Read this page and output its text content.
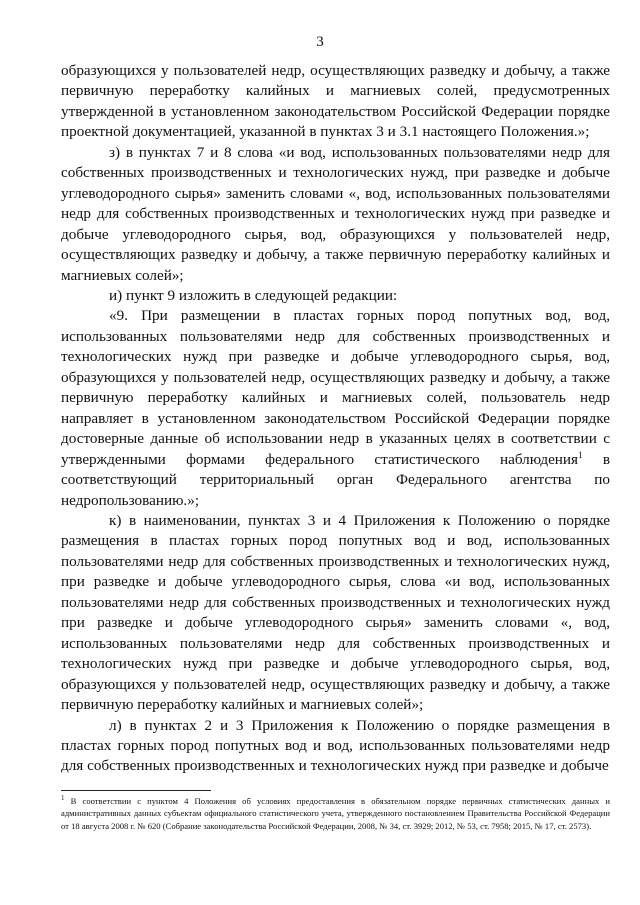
3

образующихся у пользователей недр, осуществляющих разведку и добычу, а также первичную переработку калийных и магниевых солей, предусмотренных утвержденной в установленном законодательством Российской Федерации порядке проектной документацией, указанной в пунктах 3 и 3.1 настоящего Положения.»;

з) в пунктах 7 и 8 слова «и вод, использованных пользователями недр для собственных производственных и технологических нужд, при разведке и добыче углеводородного сырья» заменить словами «, вод, использованных пользователями недр для собственных производственных и технологических нужд при разведке и добыче углеводородного сырья, вод, образующихся у пользователей недр, осуществляющих разведку и добычу, а также первичную переработку калийных и магниевых солей»;

и) пункт 9 изложить в следующей редакции:

«9. При размещении в пластах горных пород попутных вод, вод, использованных пользователями недр для собственных производственных и технологических нужд при разведке и добыче углеводородного сырья, вод, образующихся у пользователей недр, осуществляющих разведку и добычу, а также первичную переработку калийных и магниевых солей, пользователь недр направляет в установленном законодательством Российской Федерации порядке достоверные данные об использовании недр в указанных целях в соответствии с утвержденными формами федерального статистического наблюдения$^1$ в соответствующий территориальный орган Федерального агентства по недропользованию.»;

к) в наименовании, пунктах 3 и 4 Приложения к Положению о порядке размещения в пластах горных пород попутных вод и вод, использованных пользователями недр для собственных производственных и технологических нужд, при разведке и добыче углеводородного сырья, слова «и вод, использованных пользователями недр для собственных производственных и технологических нужд при разведке и добыче углеводородного сырья» заменить словами «, вод, использованных пользователями недр для собственных производственных и технологических нужд при разведке и добыче углеводородного сырья, вод, образующихся у пользователей недр, осуществляющих разведку и добычу, а также первичную переработку калийных и магниевых солей»;

л) в пунктах 2 и 3 Приложения к Положению о порядке размещения в пластах горных пород попутных вод и вод, использованных пользователями недр для собственных производственных и технологических нужд при разведке и добыче

$^1$ В соответствии с пунктом 4 Положения об условиях предоставления в обязательном порядке первичных статистических данных и административных данных субъектам официального статистического учета, утвержденного постановлением Правительства Российской Федерации от 18 августа 2008 г. № 620 (Собрание законодательства Российской Федерации, 2008, № 34, ст. 3929; 2012, № 53, ст. 7958; 2015, № 17, ст. 2573).
